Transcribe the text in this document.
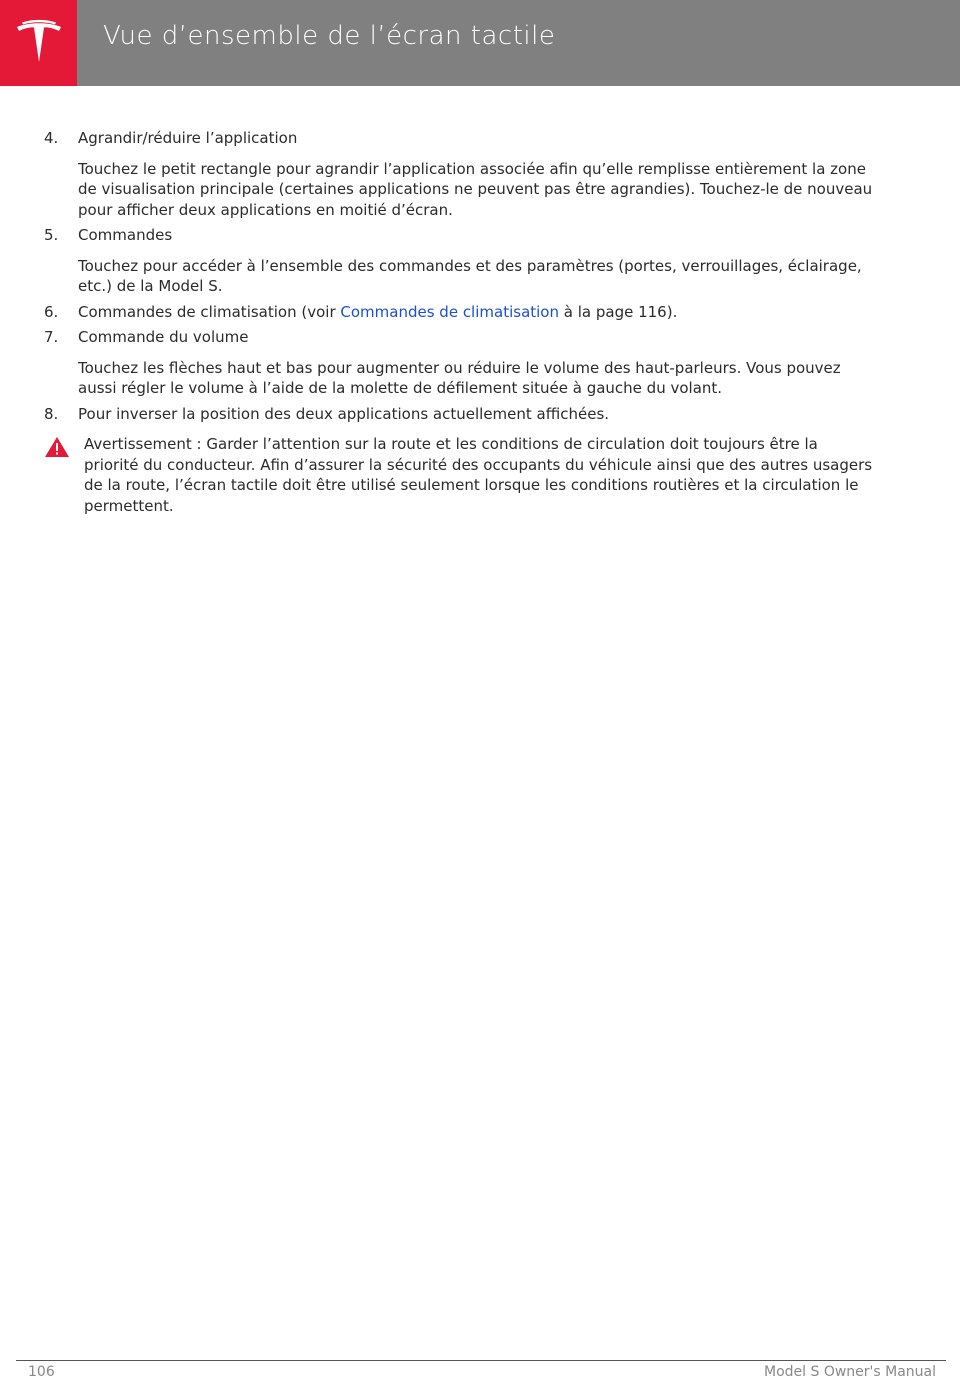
Vue d’ensemble de l’écran tactile
4.	Agrandir/réduire l’application
Touchez le petit rectangle pour agrandir l’application associée afin qu’elle remplisse entièrement la zone de visualisation principale (certaines applications ne peuvent pas être agrandies). Touchez-le de nouveau pour afficher deux applications en moitié d’écran.
5.	Commandes
Touchez pour accéder à l’ensemble des commandes et des paramètres (portes, verrouillages, éclairage, etc.) de la Model S.
6.	Commandes de climatisation (voir Commandes de climatisation à la page 116).
7.	Commande du volume
Touchez les flèches haut et bas pour augmenter ou réduire le volume des haut-parleurs. Vous pouvez aussi régler le volume à l’aide de la molette de défilement située à gauche du volant.
8.	Pour inverser la position des deux applications actuellement affichées.
Avertissement : Garder l’attention sur la route et les conditions de circulation doit toujours être la priorité du conducteur. Afin d’assurer la sécurité des occupants du véhicule ainsi que des autres usagers de la route, l’écran tactile doit être utilisé seulement lorsque les conditions routières et la circulation le permettent.
106	Model S Owner's Manual
